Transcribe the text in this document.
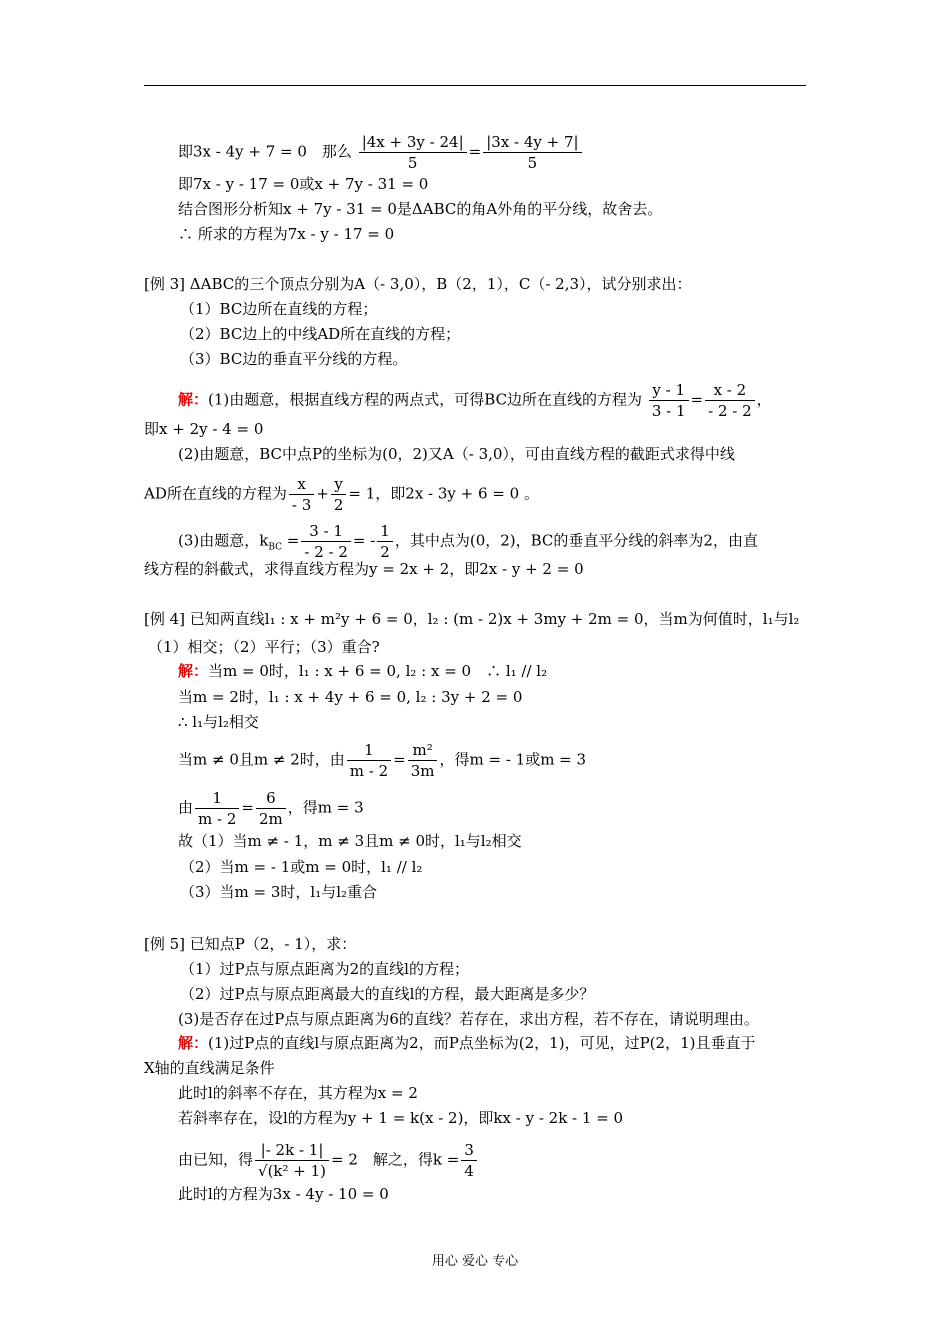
即3x - 4y + 7 = 0　那么 $\frac{|4x + 3y - 24|}{5} = \frac{|3x - 4y + 7|}{5}$
即7x - y - 17 = 0或x + 7y - 31 = 0
结合图形分析知x + 7y - 31 = 0是ΔABC的角A外角的平分线，故舍去。
∴ 所求的方程为7x - y - 17 = 0
[例 3] ΔABC的三个顶点分别为A（- 3,0），B（2，1），C（- 2,3），试分别求出：
（1）BC边所在直线的方程；
（2）BC边上的中线AD所在直线的方程；
（3）BC边的垂直平分线的方程。
解：(1)由题意，根据直线方程的两点式，可得BC边所在直线的方程为 $\frac{y - 1}{3 - 1} = \frac{x - 2}{- 2 - 2}$ ，
即x + 2y - 4 = 0
(2)由题意，BC中点P的坐标为(0，2)又A（- 3,0），可由直线方程的截距式求得中线
AD所在直线的方程为 $\frac{x}{- 3} + \frac{y}{2} = 1$，即2x - 3y + 6 = 0 。
(3)由题意，$k_{BC} = \frac{3 - 1}{- 2 - 2}$ = - $\frac{1}{2}$ ，其中点为(0，2)，BC的垂直平分线的斜率为2，由直
线方程的斜截式，求得直线方程为y = 2x + 2，即2x - y + 2 = 0
[例 4] 已知两直线l₁ : x + m²y + 6 = 0，l₂ : (m - 2)x + 3my + 2m = 0，当m为何值时，l₁与l₂
（1）相交；（2）平行；（3）重合?
解：当m = 0时，l₁ : x + 6 = 0, l₂ : x = 0　∴ l₁ // l₂
当m = 2时，l₁ : x + 4y + 6 = 0, l₂ : 3y + 2 = 0
∴ l₁与l₂相交
当m ≠ 0且m ≠ 2时，由 $\frac{1}{m - 2} = \frac{\text{m²}}{3m}$ ，得m = - 1或m = 3
由 $\frac{1}{m - 2} = \frac{6}{2m}$ ，得m = 3
故（1）当m ≠ - 1，m ≠ 3且m ≠ 0时，l₁与l₂相交
（2）当m = - 1或m = 0时，l₁ // l₂
（3）当m = 3时，l₁与l₂重合
[例 5] 已知点P（2，- 1），求：
（1）过P点与原点距离为2的直线l的方程；
（2）过P点与原点距离最大的直线l的方程，最大距离是多少？
(3)是否存在过P点与原点距离为6的直线？若存在，求出方程，若不存在，请说明理由。
解：(1)过P点的直线l与原点距离为2，而P点坐标为(2，1)，可见，过P(2，1)且垂直于
X轴的直线满足条件
此时l的斜率不存在，其方程为x = 2
若斜率存在，设l的方程为y + 1 = k(x - 2)，即kx - y - 2k - 1 = 0
由已知，得 $\frac{|- 2k - 1|}{\text{√(k² + 1)}} = 2$　解之，得$k = \frac{3}{4}$
此时l的方程为3x - 4y - 10 = 0
用心 爱心 专心
